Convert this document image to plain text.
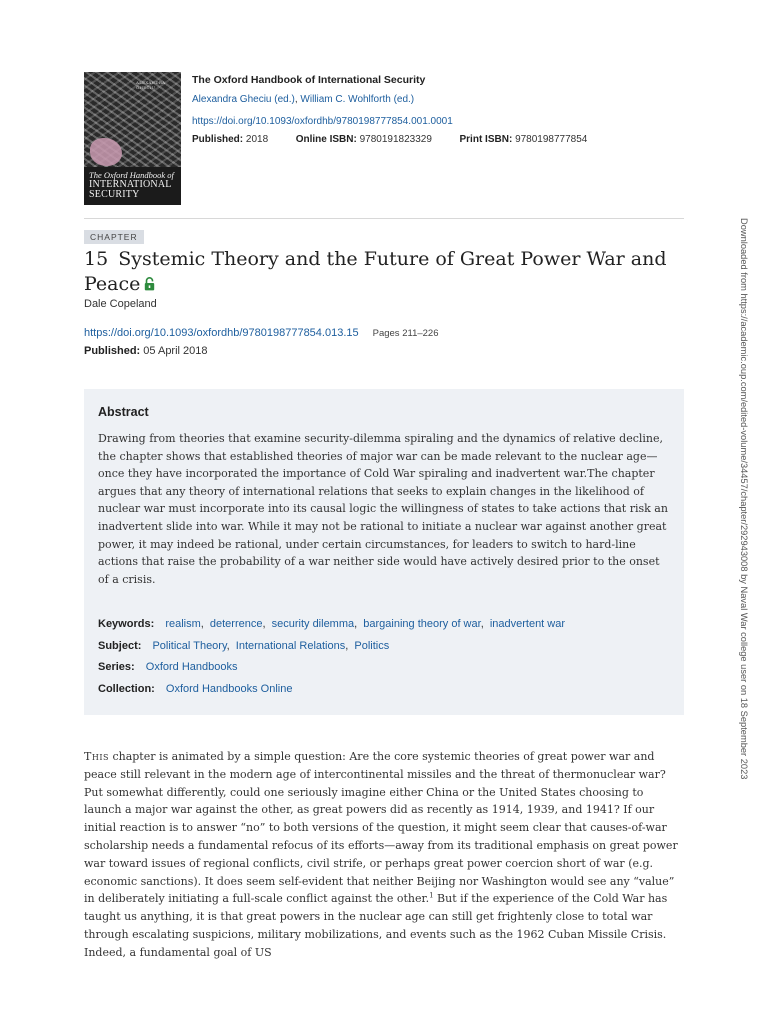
ALEXANDRA GHECIU
The Oxford Handbook of
INTERNATIONAL
SECURITY
The Oxford Handbook of International Security
Alexandra Gheciu (ed.), William C. Wohlforth (ed.)
https://doi.org/10.1093/oxfordhb/9780198777854.001.0001
Published: 2018	Online ISBN: 9780191823329	Print ISBN: 9780198777854
CHAPTER
15 Systemic Theory and the Future of Great Power War and Peace
Dale Copeland
https://doi.org/10.1093/oxfordhb/9780198777854.013.15 Pages 211–226
Published: 05 April 2018
Abstract
Drawing from theories that examine security-dilemma spiraling and the dynamics of relative decline, the chapter shows that established theories of major war can be made relevant to the nuclear age—once they have incorporated the importance of Cold War spiraling and inadvertent war.The chapter argues that any theory of international relations that seeks to explain changes in the likelihood of nuclear war must incorporate into its causal logic the willingness of states to take actions that risk an inadvertent slide into war. While it may not be rational to initiate a nuclear war against another great power, it may indeed be rational, under certain circumstances, for leaders to switch to hard-line actions that raise the probability of a war neither side would have actively desired prior to the onset of a crisis.
Keywords: realism, deterrence, security dilemma, bargaining theory of war, inadvertent war
Subject: Political Theory, International Relations, Politics
Series: Oxford Handbooks
Collection: Oxford Handbooks Online
This chapter is animated by a simple question: Are the core systemic theories of great power war and peace still relevant in the modern age of intercontinental missiles and the threat of thermonuclear war? Put somewhat differently, could one seriously imagine either China or the United States choosing to launch a major war against the other, as great powers did as recently as 1914, 1939, and 1941? If our initial reaction is to answer “no” to both versions of the question, it might seem clear that causes-of-war scholarship needs a fundamental refocus of its efforts—away from its traditional emphasis on great power war toward issues of regional conflicts, civil strife, or perhaps great power coercion short of war (e.g. economic sanctions). It does seem self-evident that neither Beijing nor Washington would see any “value” in deliberately initiating a full-scale conflict against the other.$^1$ But if the experience of the Cold War has taught us anything, it is that great powers in the nuclear age can still get frightenly close to total war through escalating suspicions, military mobilizations, and events such as the 1962 Cuban Missile Crisis. Indeed, a fundamental goal of US
Downloaded from https://academic.oup.com/edited-volume/34457/chapter/292943008 by Naval War college user on 18 September 2023
